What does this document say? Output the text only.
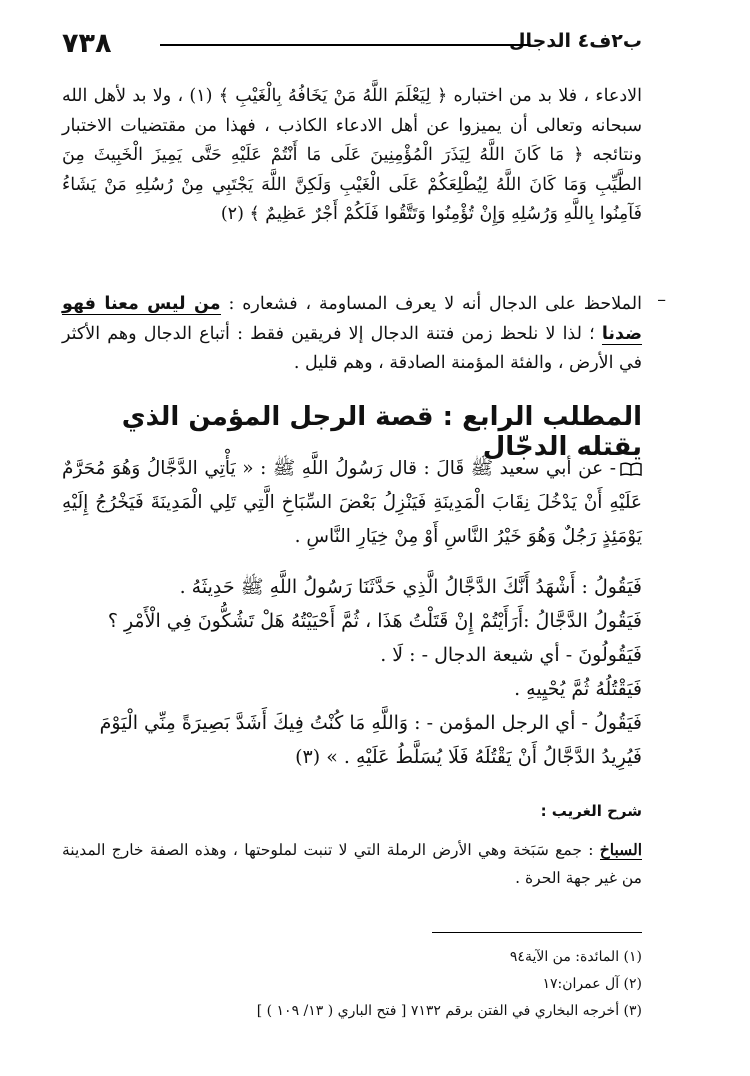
ب٢ف٤ الدجال
٧٣٨

الادعاء ، فلا بد من اختباره ﴿ لِيَعْلَمَ اللَّهُ مَنْ يَخَافُهُ بِالْغَيْبِ ﴾ (١) ، ولا بد لأهل الله سبحانه وتعالى أن يميزوا عن أهل الادعاء الكاذب ، فهذا من مقتضيات الاختبار ونتائجه ﴿ مَا كَانَ اللَّهُ لِيَذَرَ الْمُؤْمِنِينَ عَلَى مَا أَنْتُمْ عَلَيْهِ حَتَّى يَمِيزَ الْخَبِيثَ مِنَ الطَّيِّبِ وَمَا كَانَ اللَّهُ لِيُطْلِعَكُمْ عَلَى الْغَيْبِ وَلَكِنَّ اللَّهَ يَجْتَبِي مِنْ رُسُلِهِ مَنْ يَشَاءُ فَآمِنُوا بِاللَّهِ وَرُسُلِهِ وَإِنْ تُؤْمِنُوا وَتَتَّقُوا فَلَكُمْ أَجْرٌ عَظِيمٌ ﴾ (٢)

–

الملاحظ على الدجال أنه لا يعرف المساومة ، فشعاره : من ليس معنا فهو ضدنا ؛ لذا لا نلحظ زمن فتنة الدجال إلا فريقين فقط : أتباع الدجال وهم الأكثر في الأرض ، والفئة المؤمنة الصادقة ، وهم قليل .

المطلب الرابع : قصة الرجل المؤمن الذي يقتله الدجّال

- عن أبي سعيد ﷺ قَالَ : قال رَسُولُ اللَّهِ ﷺ : « يَأْتِي الدَّجَّالُ وَهُوَ مُحَرَّمٌ عَلَيْهِ أَنْ يَدْخُلَ نِقَابَ الْمَدِينَةِ فَيَنْزِلُ بَعْضَ السِّبَاخِ الَّتِي تَلِي الْمَدِينَةَ فَيَخْرُجُ إِلَيْهِ يَوْمَئِذٍ رَجُلٌ وَهُوَ خَيْرُ النَّاسِ أَوْ مِنْ خِيَارِ النَّاسِ .

فَيَقُولُ : أَشْهَدُ أَنَّكَ الدَّجَّالُ الَّذِي حَدَّثَنَا رَسُولُ اللَّهِ ﷺ حَدِيثَهُ .

فَيَقُولُ الدَّجَّالُ :أَرَأَيْتُمْ إِنْ قَتَلْتُ هَذَا ، ثُمَّ أَحْيَيْتُهُ هَلْ تَشُكُّونَ فِي الْأَمْرِ ؟

فَيَقُولُونَ - أي شيعة الدجال - : لَا .

فَيَقْتُلُهُ ثُمَّ يُحْيِيهِ .

فَيَقُولُ - أي الرجل المؤمن - : وَاللَّهِ مَا كُنْتُ فِيكَ أَشَدَّ بَصِيرَةً مِنِّي الْيَوْمَ فَيُرِيدُ الدَّجَّالُ أَنْ يَقْتُلَهُ فَلَا يُسَلَّطُ عَلَيْهِ . » (٣)

شرح الغريب :

السباخ : جمع سَبَخة وهي الأرض الرملة التي لا تنبت لملوحتها ، وهذه الصفة خارج المدينة من غير جهة الحرة .

(١) المائدة: من الآية٩٤

(٢) آل عمران:١٧

(٣) أخرجه البخاري في الفتن برقم ٧١٣٢ [ فتح الباري ( ١٣/ ١٠٩ ) ]
